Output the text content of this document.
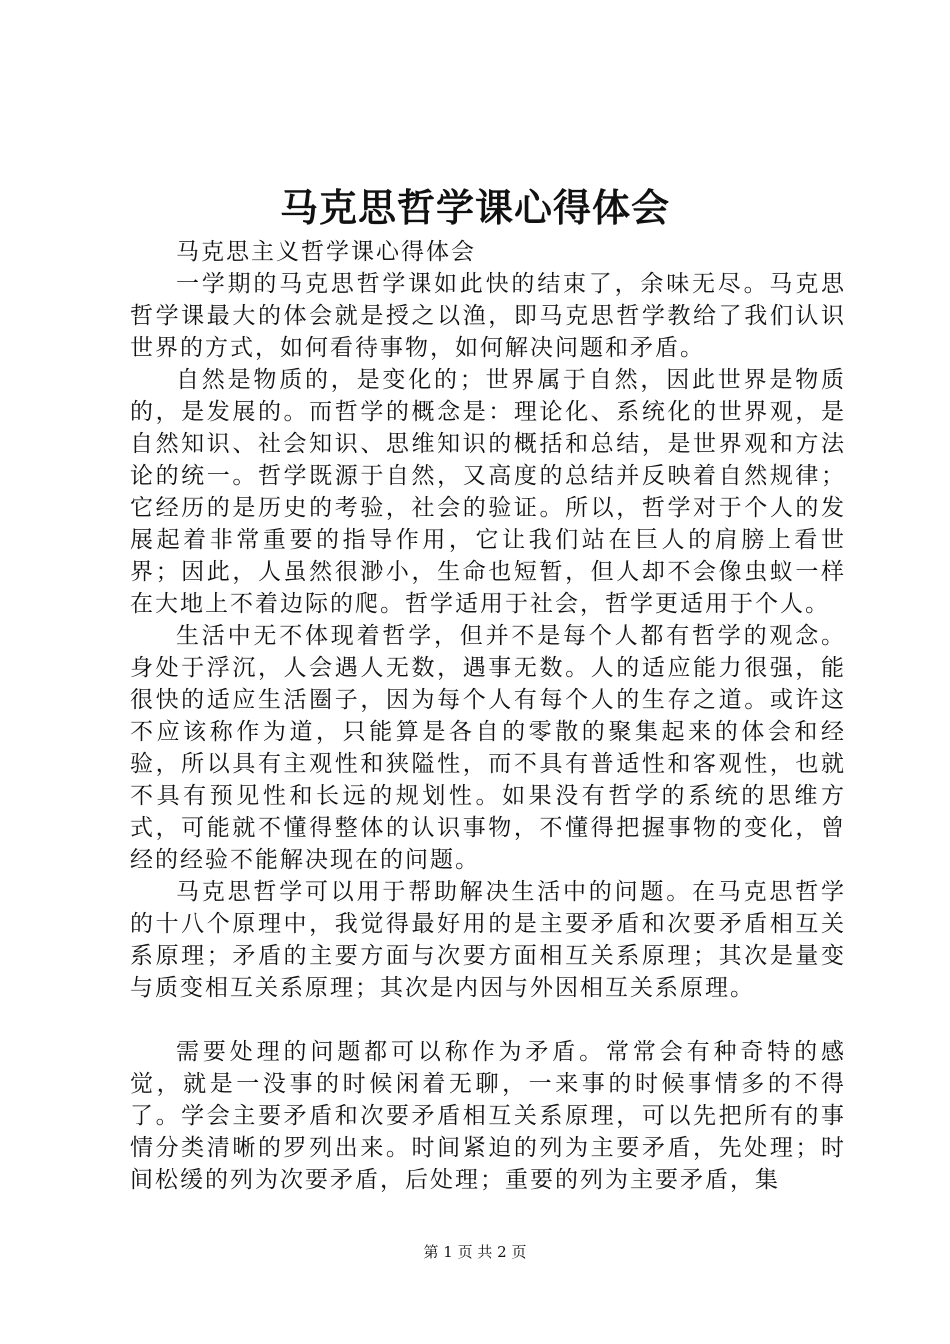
马克思哲学课心得体会

马克思主义哲学课心得体会

一学期的马克思哲学课如此快的结束了，余味无尽。马克思哲学课最大的体会就是授之以渔，即马克思哲学教给了我们认识世界的方式，如何看待事物，如何解决问题和矛盾。

自然是物质的，是变化的；世界属于自然，因此世界是物质的，是发展的。而哲学的概念是：理论化、系统化的世界观，是自然知识、社会知识、思维知识的概括和总结，是世界观和方法论的统一。哲学既源于自然，又高度的总结并反映着自然规律；它经历的是历史的考验，社会的验证。所以，哲学对于个人的发展起着非常重要的指导作用，它让我们站在巨人的肩膀上看世界；因此，人虽然很渺小，生命也短暂，但人却不会像虫蚁一样在大地上不着边际的爬。哲学适用于社会，哲学更适用于个人。

生活中无不体现着哲学，但并不是每个人都有哲学的观念。身处于浮沉，人会遇人无数，遇事无数。人的适应能力很强，能很快的适应生活圈子，因为每个人有每个人的生存之道。或许这不应该称作为道，只能算是各自的零散的聚集起来的体会和经验，所以具有主观性和狭隘性，而不具有普适性和客观性，也就不具有预见性和长远的规划性。如果没有哲学的系统的思维方式，可能就不懂得整体的认识事物，不懂得把握事物的变化，曾经的经验不能解决现在的问题。

马克思哲学可以用于帮助解决生活中的问题。在马克思哲学的十八个原理中，我觉得最好用的是主要矛盾和次要矛盾相互关系原理；矛盾的主要方面与次要方面相互关系原理；其次是量变与质变相互关系原理；其次是内因与外因相互关系原理。

需要处理的问题都可以称作为矛盾。常常会有种奇特的感觉，就是一没事的时候闲着无聊，一来事的时候事情多的不得了。学会主要矛盾和次要矛盾相互关系原理，可以先把所有的事情分类清晰的罗列出来。时间紧迫的列为主要矛盾，先处理；时间松缓的列为次要矛盾，后处理；重要的列为主要矛盾，集

第 1 页 共 2 页
